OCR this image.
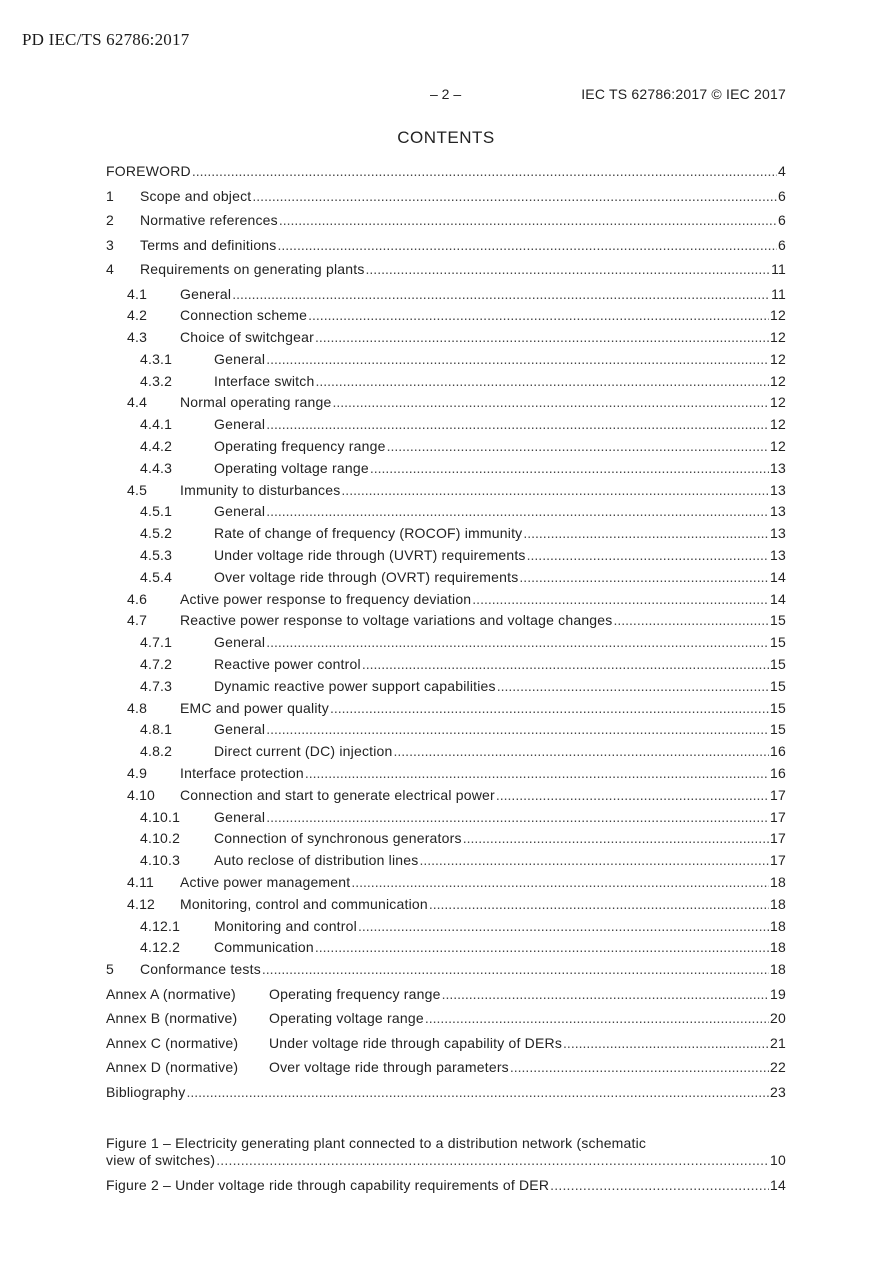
PD IEC/TS 62786:2017
– 2 –	IEC TS 62786:2017 © IEC 2017
CONTENTS
FOREWORD .....	4
1	Scope and object .....	6
2	Normative references .....	6
3	Terms and definitions .....	6
4	Requirements on generating plants .....	11
4.1	General .....	11
4.2	Connection scheme .....	12
4.3	Choice of switchgear .....	12
4.3.1	General .....	12
4.3.2	Interface switch .....	12
4.4	Normal operating range .....	12
4.4.1	General .....	12
4.4.2	Operating frequency range .....	12
4.4.3	Operating voltage range .....	13
4.5	Immunity to disturbances .....	13
4.5.1	General .....	13
4.5.2	Rate of change of frequency (ROCOF) immunity .....	13
4.5.3	Under voltage ride through (UVRT) requirements .....	13
4.5.4	Over voltage ride through (OVRT) requirements .....	14
4.6	Active power response to frequency deviation .....	14
4.7	Reactive power response to voltage variations and voltage changes .....	15
4.7.1	General .....	15
4.7.2	Reactive power control .....	15
4.7.3	Dynamic reactive power support capabilities .....	15
4.8	EMC and power quality .....	15
4.8.1	General .....	15
4.8.2	Direct current (DC) injection .....	16
4.9	Interface protection .....	16
4.10	Connection and start to generate electrical power .....	17
4.10.1	General .....	17
4.10.2	Connection of synchronous generators .....	17
4.10.3	Auto reclose of distribution lines .....	17
4.11	Active power management .....	18
4.12	Monitoring, control and communication .....	18
4.12.1	Monitoring and control .....	18
4.12.2	Communication .....	18
5	Conformance tests .....	18
Annex A (normative)	Operating frequency range .....	19
Annex B (normative)	Operating voltage range .....	20
Annex C (normative)	Under voltage ride through capability of DERs .....	21
Annex D (normative)	Over voltage ride through parameters .....	22
Bibliography .....	23
Figure 1 – Electricity generating plant connected to a distribution network (schematic
view of switches) .....	10
Figure 2 – Under voltage ride through capability requirements of DER .....	14
